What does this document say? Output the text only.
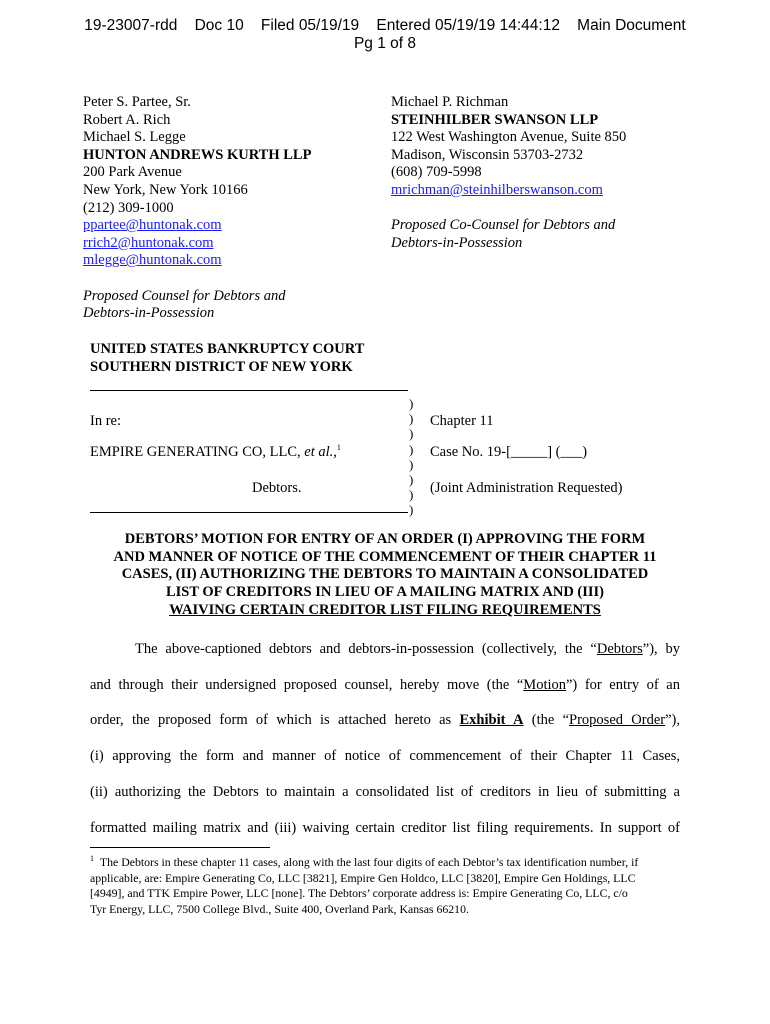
19-23007-rdd    Doc 10    Filed 05/19/19    Entered 05/19/19 14:44:12    Main Document
Pg 1 of 8
Peter S. Partee, Sr.
Robert A. Rich
Michael S. Legge
HUNTON ANDREWS KURTH LLP
200 Park Avenue
New York, New York 10166
(212) 309-1000
ppartee@huntonak.com
rrich2@huntonak.com
mlegge@huntonak.com
Proposed Counsel for Debtors and
Debtors-in-Possession
Michael P. Richman
STEINHILBER SWANSON LLP
122 West Washington Avenue, Suite 850
Madison, Wisconsin 53703-2732
(608) 709-5998
mrichman@steinhilberswanson.com
Proposed Co-Counsel for Debtors and
Debtors-in-Possession
UNITED STATES BANKRUPTCY COURT
SOUTHERN DISTRICT OF NEW YORK
)
)
)
)
)
)
)
)
In re:
EMPIRE GENERATING CO, LLC, et al.,$^1$
Debtors.
Chapter 11
Case No. 19-[_____] (___)
(Joint Administration Requested)
DEBTORS’ MOTION FOR ENTRY OF AN ORDER (I) APPROVING THE FORM
AND MANNER OF NOTICE OF THE COMMENCEMENT OF THEIR CHAPTER 11
CASES, (II) AUTHORIZING THE DEBTORS TO MAINTAIN A CONSOLIDATED
LIST OF CREDITORS IN LIEU OF A MAILING MATRIX AND (III)
WAIVING CERTAIN CREDITOR LIST FILING REQUIREMENTS
The above-captioned debtors and debtors-in-possession (collectively, the “Debtors”), by
and through their undersigned proposed counsel, hereby move (the “Motion”) for entry of an
order, the proposed form of which is attached hereto as Exhibit A (the “Proposed Order”),
(i) approving the form and manner of notice of commencement of their Chapter 11 Cases,
(ii) authorizing the Debtors to maintain a consolidated list of creditors in lieu of submitting a
formatted mailing matrix and (iii) waiving certain creditor list filing requirements. In support of
$^1$ The Debtors in these chapter 11 cases, along with the last four digits of each Debtor’s tax identification number, if
applicable, are: Empire Generating Co, LLC [3821], Empire Gen Holdco, LLC [3820], Empire Gen Holdings, LLC
[4949], and TTK Empire Power, LLC [none]. The Debtors’ corporate address is: Empire Generating Co, LLC, c/o
Tyr Energy, LLC, 7500 College Blvd., Suite 400, Overland Park, Kansas 66210.
